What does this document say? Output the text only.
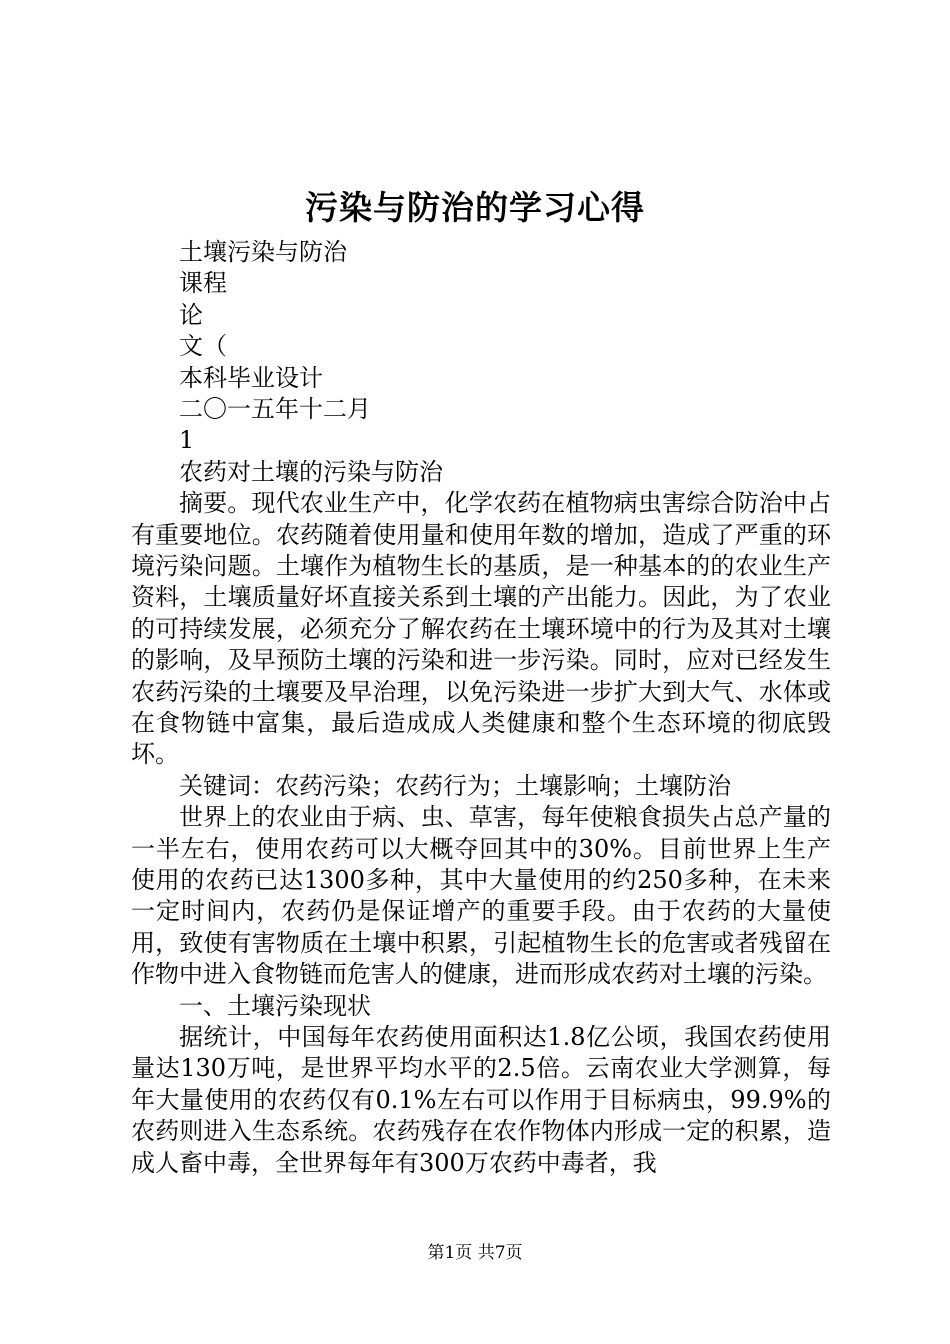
污染与防治的学习心得
土壤污染与防治
课程
论
文（
本科毕业设计
二〇一五年十二月
1
农药对土壤的污染与防治

摘要。现代农业生产中，化学农药在植物病虫害综合防治中占有重要地位。农药随着使用量和使用年数的增加，造成了严重的环境污染问题。土壤作为植物生长的基质，是一种基本的的农业生产资料，土壤质量好坏直接关系到土壤的产出能力。因此，为了农业的可持续发展，必须充分了解农药在土壤环境中的行为及其对土壤的影响，及早预防土壤的污染和进一步污染。同时，应对已经发生农药污染的土壤要及早治理，以免污染进一步扩大到大气、水体或在食物链中富集，最后造成成人类健康和整个生态环境的彻底毁坏。

关键词：农药污染；农药行为；土壤影响；土壤防治

世界上的农业由于病、虫、草害，每年使粮食损失占总产量的一半左右，使用农药可以大概夺回其中的30%。目前世界上生产使用的农药已达1300多种，其中大量使用的约250多种，在未来一定时间内，农药仍是保证增产的重要手段。由于农药的大量使用，致使有害物质在土壤中积累，引起植物生长的危害或者残留在作物中进入食物链而危害人的健康，进而形成农药对土壤的污染。

一、土壤污染现状

据统计，中国每年农药使用面积达1.8亿公顷，我国农药使用量达130万吨，是世界平均水平的2.5倍。云南农业大学测算，每年大量使用的农药仅有0.1%左右可以作用于目标病虫，99.9%的农药则进入生态系统。农药残存在农作物体内形成一定的积累，造成人畜中毒，全世界每年有300万农药中毒者，我

第1页 共7页
